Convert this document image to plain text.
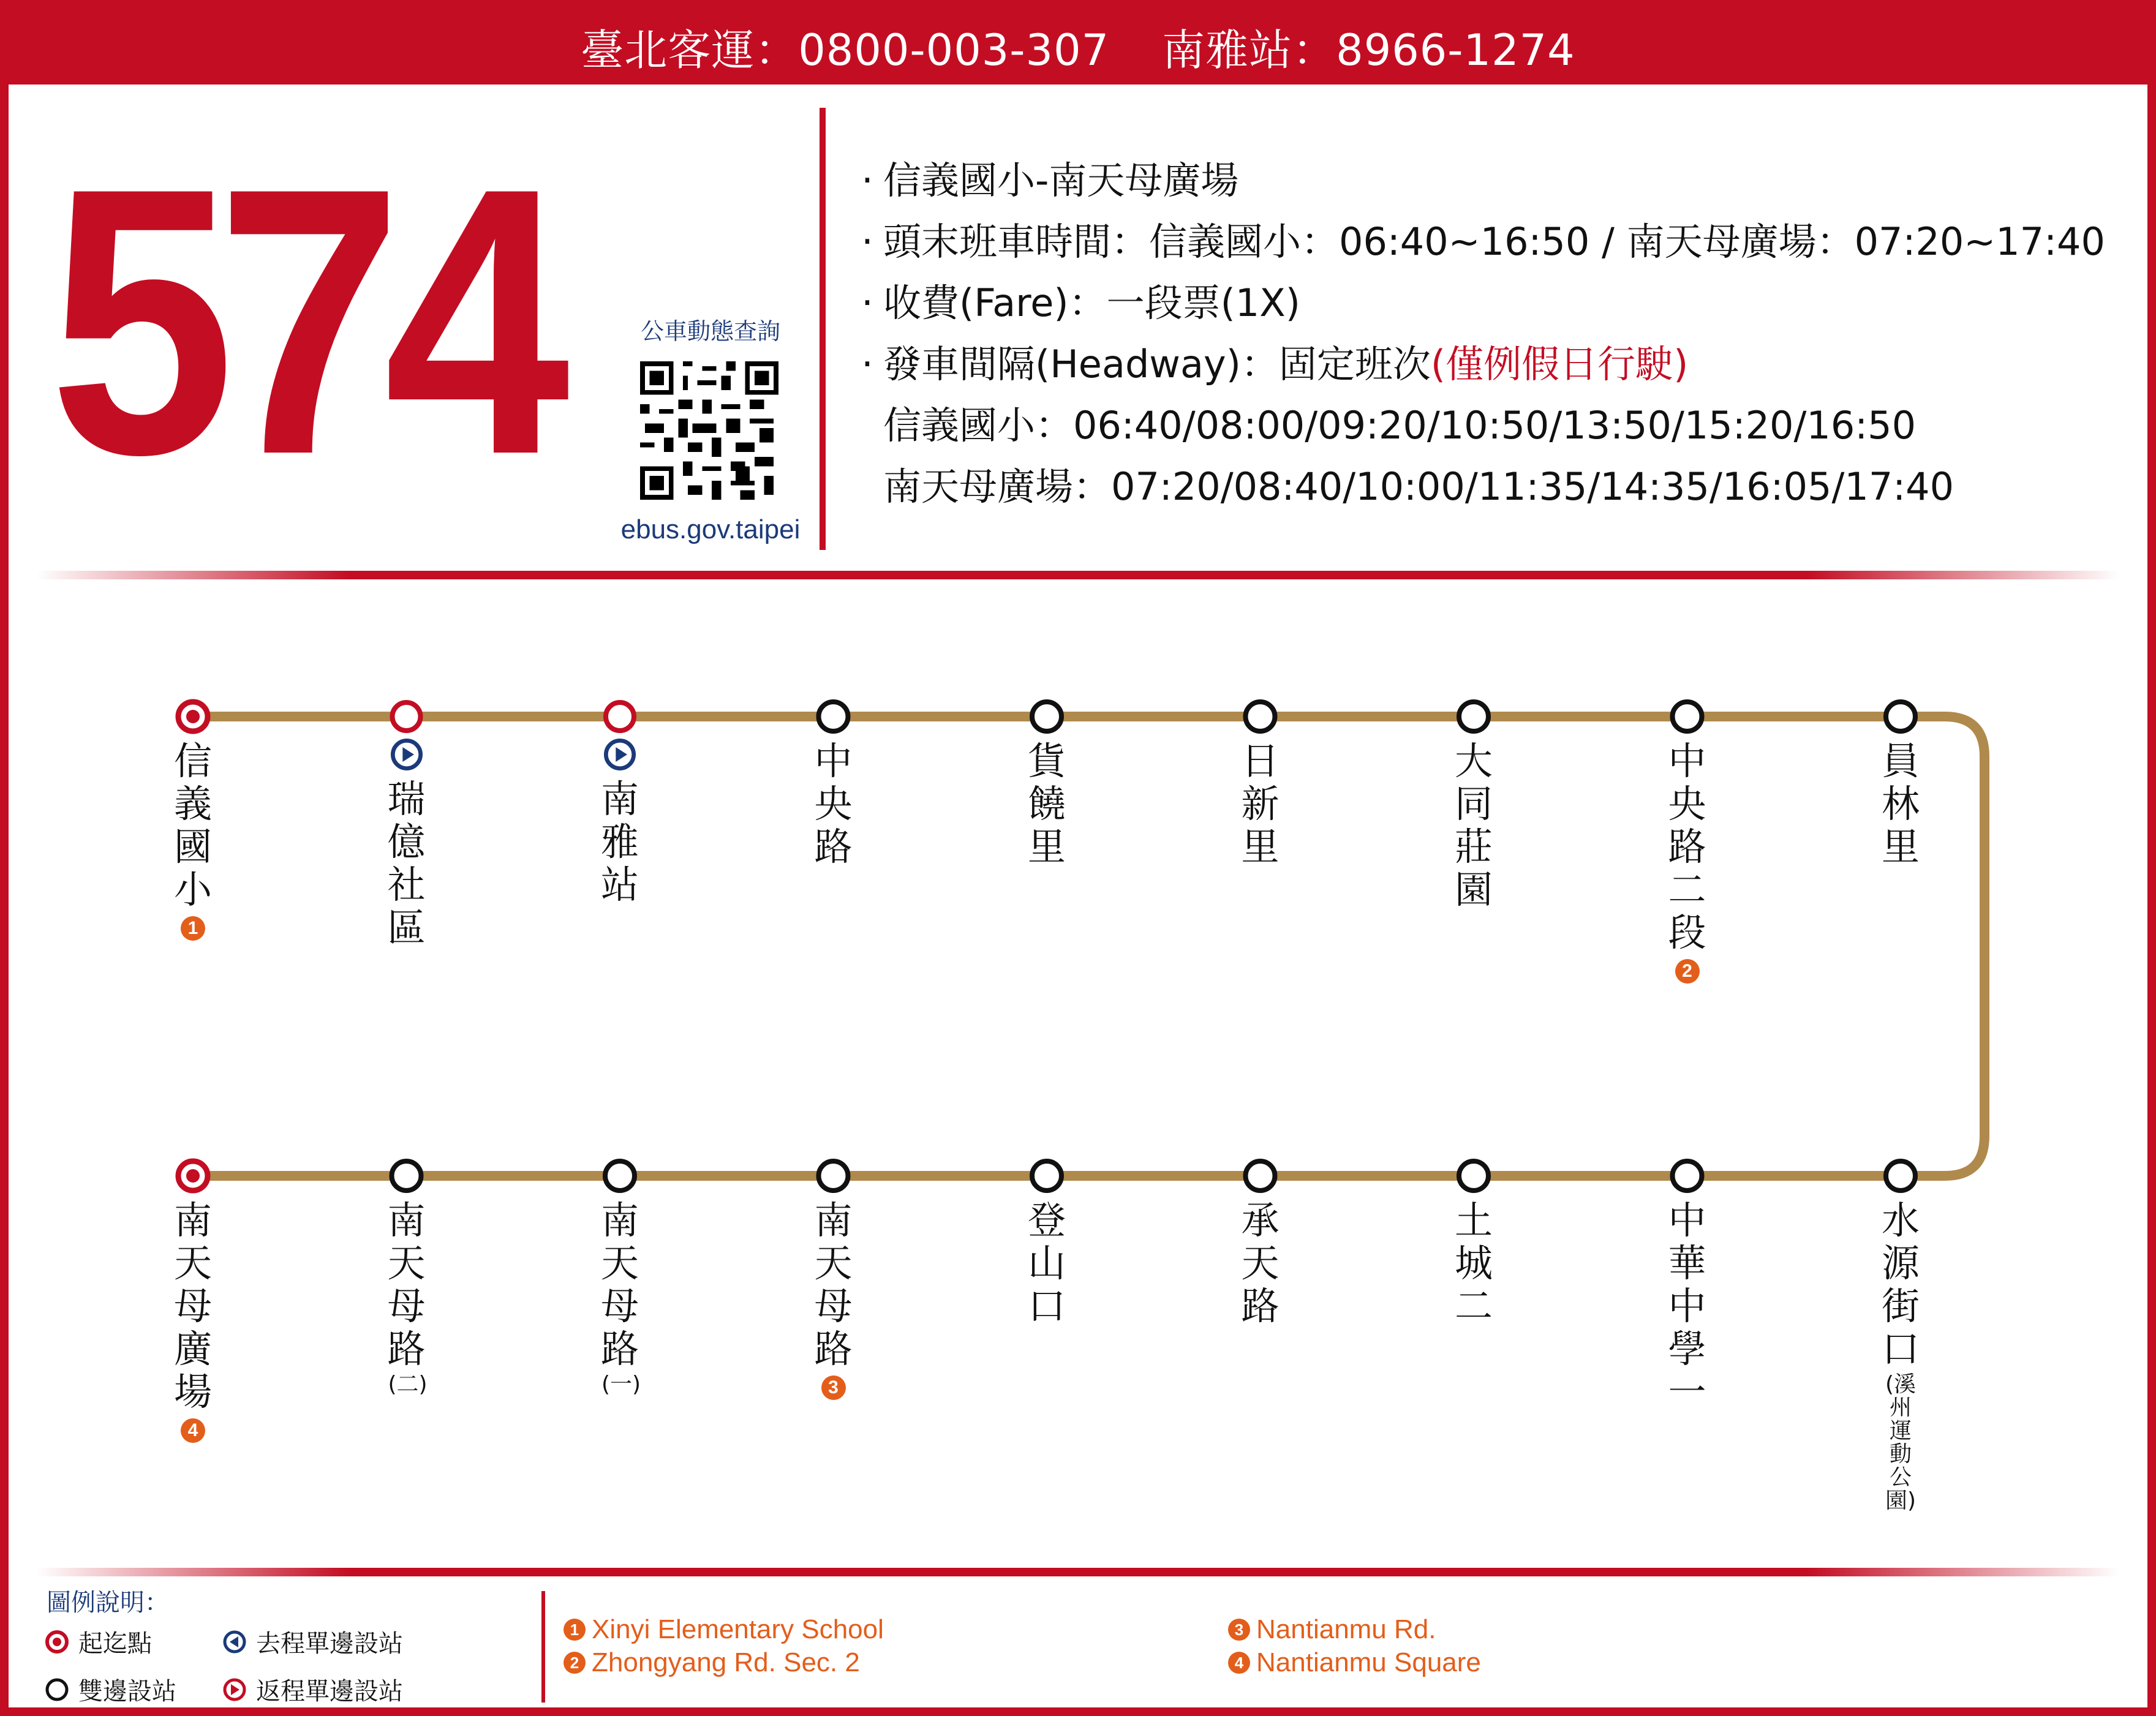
臺北客運：0800-003-307 南雅站：8966-1274
574	公車動態查詢
ebus.gov.taipei
· 信義國小-南天母廣場
· 頭末班車時間：信義國小：06:40~16:50 / 南天母廣場：07:20~17:40
· 收費(Fare)：一段票(1X)
· 發車間隔(Headway)：固定班次(僅例假日行駛)
信義國小：06:40/08:00/09:20/10:50/13:50/15:20/16:50
南天母廣場：07:20/08:40/10:00/11:35/14:35/16:05/17:40
信義國小
1
瑞億社區
南雅站
中央路
貨饒里
日新里
大同莊園
中央路二段
2
員林里
南天母廣場
4
南天母路
(二)
南天母路
(一)
南天母路
3
登山口
承天路
土城二
中華中學一
水源街口
(溪州運動公園)
圖例說明：
起迄點
雙邊設站
去程單邊設站
返程單邊設站
1 Xinyi Elementary School
2 Zhongyang Rd. Sec. 2
3 Nantianmu Rd.
4 Nantianmu Square
